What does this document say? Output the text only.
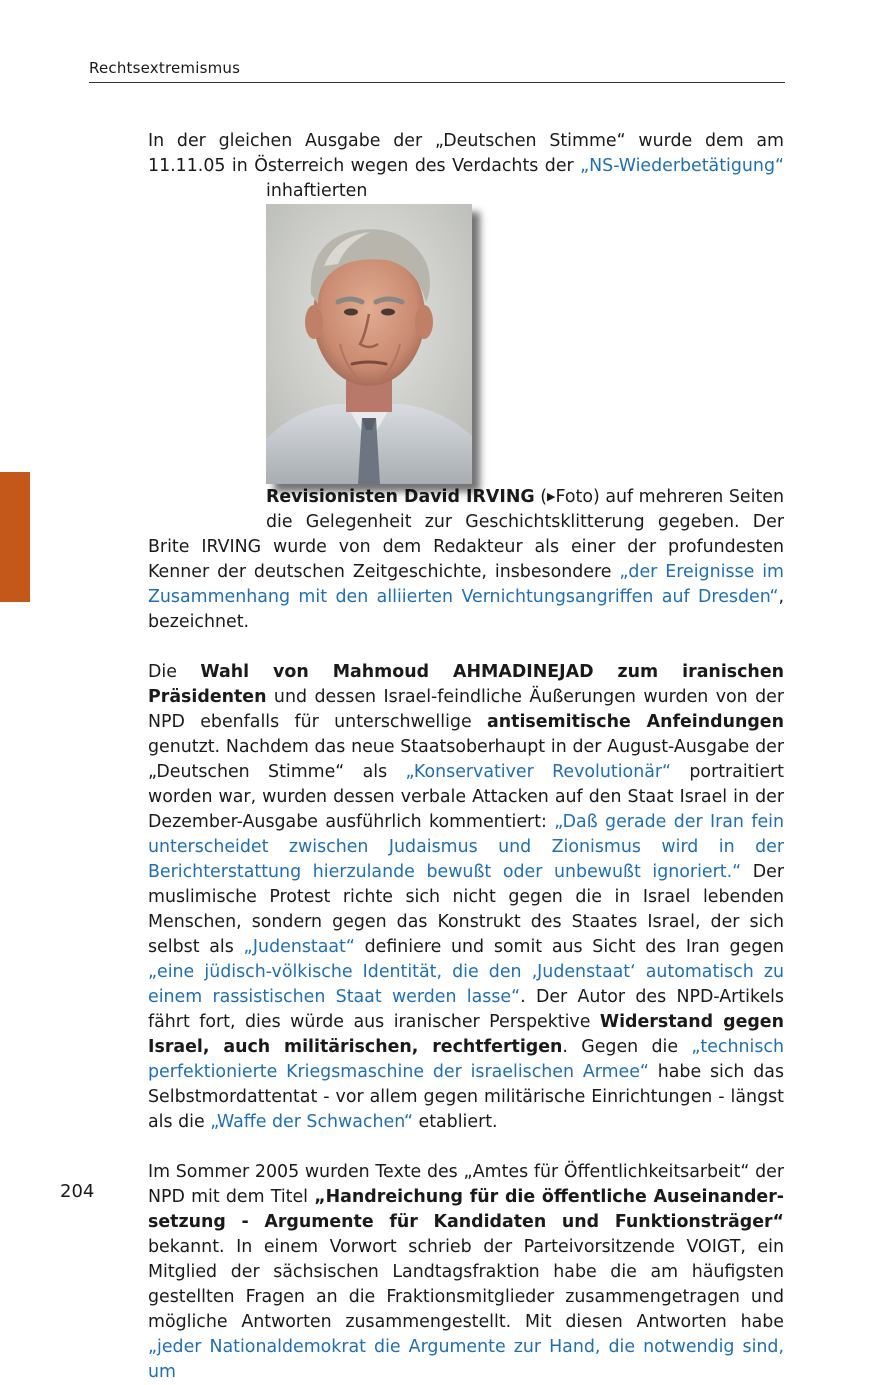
Rechtsextremismus

In der gleichen Ausgabe der „Deutschen Stimme“ wurde dem am 11.11.05 in Österreich wegen des Verdachts der „NS-Wiederbetätigung“ inhaftierten

Revisionisten David IRVING (▶Foto) auf mehreren Seiten die Gelegenheit zur Geschichtsklitterung gegeben. Der Brite IRVING wurde von dem Redakteur als einer der profundesten Kenner der deutschen Zeitgeschichte, insbesondere „der Ereignisse im Zusammenhang mit den alliierten Vernichtungsangriffen auf Dresden“, bezeichnet.

Die Wahl von Mahmoud AHMADINEJAD zum iranischen Präsidenten und dessen Israel-feindliche Äußerungen wurden von der NPD ebenfalls für unterschwellige antisemitische Anfeindungen genutzt. Nachdem das neue Staatsoberhaupt in der August-Ausgabe der „Deutschen Stimme“ als „Konservativer Revolutionär“ portraitiert worden war, wurden dessen verbale Attacken auf den Staat Israel in der Dezember-Ausgabe ausführlich kommentiert: „Daß gerade der Iran fein unterscheidet zwischen Judaismus und Zionismus wird in der Berichterstattung hierzulande bewußt oder unbewußt ignoriert.“ Der muslimische Protest richte sich nicht gegen die in Israel lebenden Menschen, sondern gegen das Konstrukt des Staates Israel, der sich selbst als „Judenstaat“ definiere und somit aus Sicht des Iran gegen „eine jüdisch-völkische Identität, die den ‚Judenstaat‘ automatisch zu einem rassistischen Staat werden lasse“. Der Autor des NPD-Artikels fährt fort, dies würde aus iranischer Perspektive Widerstand gegen Israel, auch militärischen, rechtfertigen. Gegen die „technisch perfektionierte Kriegsmaschine der israelischen Armee“ habe sich das Selbstmordattentat - vor allem gegen militärische Einrichtungen - längst als die „Waffe der Schwachen“ etabliert.

Im Sommer 2005 wurden Texte des „Amtes für Öffentlichkeitsarbeit“ der NPD mit dem Titel „Handreichung für die öffentliche Auseinandersetzung - Argumente für Kandidaten und Funktionsträger“ bekannt. In einem Vorwort schrieb der Parteivorsitzende VOIGT, ein Mitglied der sächsischen Landtagsfraktion habe die am häufigsten gestellten Fragen an die Fraktionsmitglieder zusammengetragen und mögliche Antworten zusammengestellt. Mit diesen Antworten habe „jeder Nationaldemokrat die Argumente zur Hand, die notwendig sind, um

204
